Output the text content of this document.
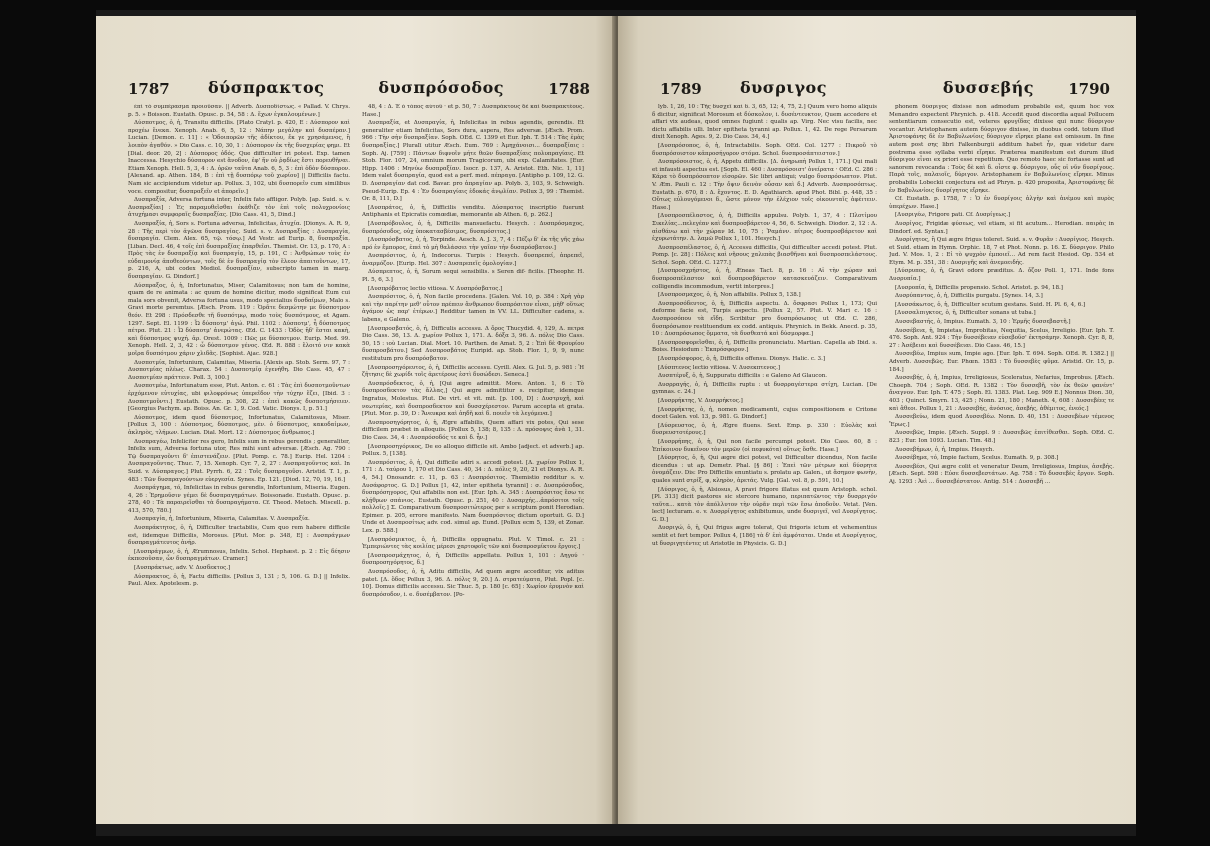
1787 δύσπρακτος	δυσπρόσοδος	1788

ἐπὶ τὸ συμπέρασμα προιοῦσαν. || Adverb. Δυσποδίστως. « Pallad. V. Chrys. p. 5. » Boisson. Eustath. Opusc. p. 54, 58 : Δ. ἔχων ἐγκαλουμένων.]

Δύσποτμος, ὁ, ἡ, Transitu difficilis. [Plato Cratyl. p. 420, E : Δύσπορον καὶ προχέω ἔνεκα. Xenoph. Anab. 6, 5, 12 : Νάπην μεγάλην καὶ δυσπέραν.] Lucian. [Demon. c. 11] : « Ὁδοιπορῶν τῆς ἀδίκτου, ἔκ γε χρησάμενος, ἢ λοιπὸν ἀγαθόν. » Dio Cass. c. 10, 30, 1 : Δύσπορον ἐκ τῆς δυσχερίας φημι. Et [Dial. deor. 20, 2] : Δύσπορος ὁδός. Que difficulter iri potest. Exp. tamen Inaccessa. Hesychio δύσπορον est ἄνοδον, ἐφ' ἥν οὐ ῥᾳδίως ἔστι πορευθῆναι. Etiam Xenoph. Hell. 5, 3, 4 : Δ. ὀρῶν ταῦτα Anab. 6, 5, 3 : ἐπὶ ὁδὸν δύσπορον. [Alexand. ap. Athen. 184, B : ἐπὶ τῇ δυσπόρῳ τοῦ χωρίου] || Difficilis factu. Nam sic accipiendum videtur ap. Pollux. 3, 102, ubi δυσπορεῖν cum similibus voce. compositur, δυσπραξεῖν et ἀπορεῖν.]

Δυσπραξία, Adversa fortuna inter, Infelix fato affligor. Polyb. [ap. Suid. s. v. Δυσπραξίαι] : Ἐς παραμυθεῖσθαι ἐκάθιζε τὸν ἐπὶ τοῖς πολυχρονίοις ἀτυχήμασι συμφοραῖς δυσπραξίας. [Dio Cass. 41, 5, Dind.]

Δυσπραξία, ἡ, Sors s. Fortuna adversa, Infelicitas, ἀτυχία. [Dionys. A. R. 9, 28 : Τῆς περὶ τὸν ἀγῶνα δυσπραγίας. Suid. s. v. Δυσπραξίας : Δυσπραγία, δυσπραγία. Clem. Alex. 65, τῷ. τόσῳ.] Ad Vestr. ad Eurip. 8, δυσπραξία. [Liban. Decl. 46, 4 τοῖς ἐπὶ δυσπραξίας ἐπαρθεῖσι. Themist. Or. 13, p. 170, A : Πρὸς τὰς ἐν δυσπραξίᾳ καὶ δυσπραγίᾳ, 15, p. 191, C : Ἀνθρώπων τοὺς ἐν εὐδαιμονίᾳ ἀποθεούντων, τοῖς δὲ ἐν δυσπραγίᾳ τὸν ἔλεον ἀπαιτοῦντων, 17, p. 216, A, ubi codex Mediol. δυσπραξίαν, subscripto tamen in marg. δυσπραγίαν. G. Dindorf.]

Δύσπραξος, ὁ, ἡ, Infortunatus, Miser, Calamitosus; non tam de homine, quam de re animata : ac quum de homine dicitur, modo significat Eum cui mala sors obvenit, Adversa fortuna usus, modo specialius δυσδαίμων, Malo s. Gravi morte peremtus. [Æsch. Prom. 119 : Ὁρᾶτε δεσμώτην με δύσποτμον θεόν. Et 298 : Πρόσδεσθε τῆ δυσπότμῳ, modo τοὺς δυσπότμους, et Agam. 1297. Sept. El. 1199 : Ὦ δύσποτμ' ἀγώ. Phil. 1102 : Δύσποτμ', ἦ δύσποτμος πέτρα. Plut. 21 : Ὦ δύσποτμ' ἀνερώτας. Œd. C. 1433 : Ὀδὸς ἥδ' ἔσται κακὴ, καὶ δύσποτμος ψυχή. ἀρ. Orest. 1009 : Πῶς με δύσποτμον. Eurip. Med. 99. Xenoph. Hell. 2, 3, 42 : ὦ δύσποτμον γένος. Œd. R. 888 : ἔλοιτό νιν κακὰ μοῖρα δυσπότμου χάριν χλιδᾶς. [Sophist. Ajac. 928.]

Δυσποτμία, Infortunium, Calamitas, Miseria. [Alexis ap. Stob. Serm. 97, 7 : Δυσποτμίας πλέως. Charax. 54 : Δυσποτμίᾳ ἐγενήθη. Dio Cass. 45, 47 : Δυσποτμίαν πράττειν. Poll. 3, 100.]

Δυσποτμέω, Infortunatum esse, Plut. Anton. c. 61 : Τὰς ἐπὶ δυσποτμοῦντων ἐρχόμενον εὐτυχίας, ubi φιλοφρόνως ὑπερεῖδον τὴν τύχην ἔζει, [Ibid. 3 : Δυσποτμοῦντι.] Eustath. Opusc. p. 308, 22 : ἐπεὶ κακῶς δυσποτμήσειεν. [Georgius Pachym. ap. Boiss. An. Gr. 1, 9. Cod. Vatic. Dionys. I, p. 51.]

Δύσποτμος, idem quod δύσποτμος, Infortunatus, Calamitosus, Miser. [Pollux 3, 100 : Δύσποτμος, δύσποτμος, μὲν. ὁ δύσποτμος, κακοδαίμων, ἀκληρὸς, τλήμων. Lucian. Dial. Mort. 12 : Δύσποτμος ἄνθρωπος.]

Δυσπραγέω, Infeliciter res gero, Infelix sum in rebus gerendis ; generaliter, Infelix sum, Adversa fortuna utor, Res mihi sunt adversæ. [Æsch. Ag. 790 : Τῷ δυσπραγοῦντι δ' ἐπιστενάζειν. [Plut. Pomp. c. 78.] Eurip. Hel. 1204 : Δυσπραγοῦντας. Thuc. 7, 15. Xenoph. Cyr. 7, 2, 27 : Δυσπραγοῦντος καὶ. In Suid. v. Δύσπραγος.] Plut. Pyrrh. 6, 22 : Τοῖς δυσπραγοῦσι. Aristid. T. 1, p. 483 : Τῶν δυσπραγούντων εὐεργεσία. Synes. Ep. 121. [Diod. 12, 70, 19, 16.]

Δυσπράγημα, τό, Infelicitas in rebus gerendis, Infortunium, Miseria. Eugen. 4, 26 : Ἐρημοῦσιν γέμει δὲ δυσπραγημάτων. Boissonade. Eustath. Opusc. p. 278, 40 : Τὰ παραιρεῖσθαι τὰ δυσπραγήματα. Cf. Theod. Metoch. Miscell. p. 413, 570, 780.]

Δυσπραγία, ἡ, Infortunium, Miseria, Calamitas. V. Δυσπραξία.

Δυσπράκτητος, ὁ, ἡ, Difficulter tractabilis, Cum quo rem habere difficile est, iidemque Difficilis, Morosus. [Plut. Mor. p. 348, E] : Δυσπράγμων δυσπραγμάτευτος ἀνήρ.

[Δυσπράγμων, ὁ, ἡ, Ærumnosus, Infelix. Schol. Hephæst. p. 2 : Εἰς δέησιν ἐκπεσοῦσαν, ὧν δυσπραγμάτων. Cramer.]

[Δυσπράκτως, adv. V. Δυσδεκτος.]

Δύσπρακτος, ὁ, ἡ, Factu difficilis. [Pollux 3, 131 ; 5, 106. G. D.] || Infelix. Paul. Alex. Apotelesm. p.

48, 4 : Δ. Ἑ ὁ τόπος αὐτοῦ · et p. 50, 7 : Δυσπράκτους δὲ καὶ δυσπρακτέους. Hase.]

Δυσπραξία, et Δυσπραγία, ἡ, Infelicitas in rebus agendis, gerendis. Et generaliter etiam Infelicitas, Sors dura, aspera, Res adversæ. [Æsch. Prom. 966 : Τὴν σὴν δυσπραξίαν. Soph. OEd. C. 1399 et Eur. Iph. T. 514 : Τὰς ἐμὰς δυσπραξίας.] Pluralī utitur Æsch. Eum. 769 : Ἀμηχάνοισι... δυσπραξίαις : Soph. Aj. [759] : Πάντων διφνοῖν μήτε θεῶν δυσπραξίαις πολυπραγίαις. Et Stob. Flor. 107, 24, omnium morum Tragicorum, ubi exp. Calamitates. [Eur. Hipp. 1406 : Μηνύω δυσπραξίαν. Isocr. p. 137, A. Aristot. Eth. Nic. 1, 11] Idem valet δυσπραγία, quod est a perf. med. πέπραγα. [Antipho p. 109, 12. G. D. Δυσπραγίαν dat cod. Bavar. pro ἀπραγίαν ap. Polyb. 3, 103, 9. Schweigh. Pseud-Eurip. Ep. 4 : Ἐν δυσπραγίαις ἐδοκάς ἀνῳλίαν. Pollux 3, 99 : Themist. Or. 8, 111, D.]

[Δυσπράτος, ὁ, ἡ, Difficilis venditu. Δύσπρατος inscriptio fuerunt Antiphanis et Epicratis comœdiæ, memorante ab Athen. 6, p. 262.]

[Δυσπρόβουλος, ὁ, ἡ, Difficilis mansuefactu. Hesych. : Δυσπρόσμαχος, δυσπρόσοδος, οὐχ ὑποκατασβέσιμος, δυσπρόσιτος.]

[Δυσπρόσβατος, ὁ, ἡ, Torpinde. Aesch. A. J. 3, 7, 4 : Πέζῳ δ' ἐκ τῆς γῆς χάω πρό ἑν ἔμπορος, ἐπεὶ τὸ μὴ θαλάσσει τὴν γαῖαν τὴν δυσπρόσβατον.]

Δυσπρόσιτος, ὁ, ἡ, Indecorus. Turpis : Hesych. δυσπρεπεί, ἀπρεπεῖ, ἀναρμόζον. [Eurip. Hel. 307 : Δυσπρεπεῖς ὁμολογίαν.]

Δύσπρεπτος, ὁ, ἡ, Sorum sequi sensibilis. s Seren dif- ficilis. [Theophr. H. Pl. 5, 6, 3.]

[Δυσπρόβατος lectio vitiosa. V. Δυσπρόσβατος.]

Δυσπρόσιτος, ὁ, ἡ, Non facile procedens. [Galen. Vol. 10, p. 384 : Χρὴ γὰρ καὶ τὴν παρίτην μεθ' οὗτον πρέπειν ἄνθρωπον δυσπρόσιτον εἶναι, μὴθ' οὕτως ἀγάμον ὡς παρ' ἐτέρων.] Redditur tamen in VV. LL. Difficulter cadens, s. labens, e Galeno.

[Δυσπροσβατός, ὁ, ἡ, Difficulis accessu. Δ ὅρος Thucydid. 4, 129, Δ. πετρα Dio Cass. 36, 13. Δ. χωρίον Pollux 1, 171. Δ. δόξα 3, 96. Δ. πόλις Dio Cass. 50, 15 : ιοὺ Lucian. Dial. Mort. 10. Parthen. de Amat. 5, 2 : Ἐπὶ δὲ Φρουρίου δυσπροσβάτου.] Sed Δυσπροσβάτος Euripid. ap. Stob. Flor. 1, 9, 9, nunc restitutum pro δυσπρόσβατον.

[Δυσπροσηγόρευτος, ὁ, ἡ, Difficilis accessu. Cyrill. Alex. G. Jul. 5, p. 981 : Ἡ ζῆτησις δὲ χωρίδι τοῖς ἀρετέρους ἐστὶ δυσώδεσι. Seneca.]

Δυσπρόσδεκτος, ὁ, ἡ, [Qui ægre admittit. More. Anton. 1, 6 : Τὸ δυσπροσδεκτον τὰς ἄλλας,] Qui ægre admittitur s. recipitur, idemque Ingratus, Molestus. Plut. De virt. et vit. mit. [p. 100, D] : Δυστρυχῆ, καὶ νεωτερίας, καὶ δυσπροσδεκτον καὶ δυσσχέρεστον. Parum accepta et grata. [Plut. Mor. p. 39, D : Ἄνευκρα καὶ ἀηδῆ καὶ δ. ποιεῖν τὰ λεγόμενα.]

Δυσπροσηγόρητος, ὁ, ἡ, Ægre affabilis, Quem affari vix potes, Qui sese difficilem præbet in alloquiis. [Pollux 5, 138; 8, 135 : Δ. πρόσοψις ἀνὰ 1, 31. Dio Cass. 34, 4 : Δυσπρόσοδός τε καὶ δ. ἦν.]

[Δυσπροσηγόρικος, De eo alloquo difficile sit. Ambo [adject. et adverb.] ap. Pollux. 5, [138].

Δυσπρόσιτος, ὁ, ἡ, Qui difficile adiri s. accedi potest. [Δ. χωρίον Pollux 1, 171 : Δ. ταύρου 1, 170 et Dio Cass. 40, 34 : Δ. πόλις 9, 20, 21 et Dionys. A. R. 4, 54.] Onosandr. c. 11, p. 63 : Δυσπρόσιτος. Themistio redditur s. v. Δυσάφορτος. G. D.] Pollux [1, 42, inter epitheta tyranni] : σ. Δυσπρόσοδος, δυσπρόσηγορος, Qui affabilis non est. [Eur. Iph. A. 345 : Δυσπρόσιτος ἔσω τε κλῄθρων σπάνιος. Eustath. Opusc. p. 251, 40 : Δυσαρχής...ἀπρόσιτοι τοῖς πολλοῖς.] Σ. Comparativum δυσπροσιτώτερος per s scriptum ponit Herodian. Epimer. p. 205, errore manifesto. Nam δυσπρόσιτος dictum oportuit. G. D.] Unde et Δυσπροσίτως adv. cod. simul ap. Eund. [Pollux ecm 5, 139, et Zonar. Lex. p. 588.]

[Δυσπρόσμικτος, ὁ, ἡ, Difficilis oppugnatu. Plut. V. Timol. c. 21 : Ἐμπεριώντες τὰς κοιλίας μέρεσι χαρτοφοῖς τῶν καὶ δυσπροσμίκτου ἔργοις.]

[Δυσπροσμάχητος, ὁ, ἡ, Difficilis appellatu. Pollux 1, 101 : Δηγού · δυσπροσηγόρητος, δ.]

Δυσπρόσοδος, ὁ, ἡ, Aditu difficilis, Ad quem ægre acceditur, vix aditus patet. [Δ. ὅδος Pollux 3, 96. Δ. πόλις 9, 20.] Δ. στρατεύματα, Plut. Popl. [c. 10]. Domus difficilis accessu. Sic Thuc. 5, p. 180 [c. 65] : Χωρίον ἐρυμνὸν καὶ δυσπρόσοδον, i. e. δυσέμβατον. [Po-

1789 δυσριγος	δυσσεβής 1790

lyb. 1, 26, 10 : Τῆς δυσχεῖ καὶ δ. 3, 65, 12; 4, 75, 2.] Quum vero homo aliquis δ dicitur, significat Morosum et δύσκολον, i. δυσέντευκτον, Quem accedere et affari vix audeas, quod omnes fugiunt : qualis ap. Virg. Nec visu facilis, nec dictu affabilis ulli. Inter epitheta tyranni ap. Pollux. 1, 42. De rege Persarum dixit Xenoph. Ages. 9, 2. Dio Cass. 34, 4.]

[Δυσπρόσοπος, ὁ, ἡ, Intractabilis. Soph. OEd. Col. 1277 : Πικροῦ τὸ δυσπρόσοιστον κἀπροσήγορον στόμα. Schol. δυσπροσάπτειστον.]

Δυσπρόσοιστος, ὁ, ἡ, Appetu difficilis. [Δ. ἀνηρωπὴ Pollux 1, 171.] Qui mali et infausti aspectus est. [Soph. El. 460 : Δυσπρόσοιστ' ὀνείρατα · OEd. C. 286 : Κάρα τὸ δυσπρόσοπτον εἰσορῶν. Sic libri antiqui; vulgo δυσπρόσωπτον. Plut. V. Æm. Pauli c. 12 : Τὴν ὄψιν δεινὸν οὖσαν καὶ δ.] Adverb. Δυσπροσόπτως. Eustath. p. 670, 8 : Δ. ἔχοντος. E. D. Agathiarch. apud Phot. Bibl. p. 448, 35 : Οὔτως εὐλουγόμενοι δ., ὥστε μόνον τὴν ἐλέχιον τοῖς οἰκουνταῖς ἀφέιτειν. Hase.]

[Δυσπροσπέλαστος, ὁ, ἡ, Difficilis appulsu. Polyb. 1, 37, 4 : Πλοτίμου Σικελίας...πελεγέαν καὶ δυσπροσβάρετον 4, 56, 6. Schweigh. Diodor. 2, 12 : Δ. αἰσθάνω καὶ τὴν χώραν Id. 10, 75 ; Ῥαμάνν. πίτρος δυσπροσβάρετον καὶ ἐχυρωτάτην. Δ. λαμῶ Pollux 1, 101. Hesych.]

Δυσπροσπέλαστος, ὁ, ἡ, Accessu difficilis, Qui difficulter accedi potest. Plut. Pomp. [c. 28] : Πόλεις καὶ νῆσους χαλεπὰς βιασθῆναι καὶ δυσπροσπελάστους. Schol. Soph. OEd. C. 1277.]

[Δυσπροσχρήστος, ὁ, ἡ, Æneas Tact. 8, p. 16 : Αἱ τὴν χώραν καὶ δυσπροσπέλαστον καὶ δυσπροσβάρετον κατασκευάζειν. Comparativum colligendis incommodum, vertit interpres.]

[Δυσπροσμαχος, ὁ, ἡ, Non affabilis. Pollux 5, 138.]

Δυσπροσόδευτος, ὁ, ἡ, Difficilis aspectu. Δ. ὅσφρασι Pollux 1, 173; Qui deforme facie est, Turpis aspectu. [Pollux 2, 57. Plut. V. Mari c. 16 : Δυσπροσόπου τὰ εἴδη. Scribitur pro δυσπρόσωπος ut Œd. C. 286, δυσπρόσωπον restituendum ex codd. antiquis. Phrynich. in Bekk. Anecd. p. 35, 10 : Δυσπρόσωπος ὄμματα, τὰ δυσθεατά καὶ δύσμορφα.]

[Δυσπροσφορεῖσθαι, ὁ, ἡ, Difficilis pronunciatu. Martian. Capella ab Ibid. s. Boiss. Hesiodum : Ἐκπρόσφορον.]

[Δυσπρόσφορος, ὁ, ἡ, Difficilis offensu. Dionys. Halic. c. 3.]

[Δύσπτενος lectio vitiosa. V. Δυσεκπτενος.]

Δυσπτέρυξ, ὁ, ἡ, Suppuratu difficilis : e Galeno Ad Glaucon.

Δυσρραγής, ὁ, ἡ, Difficilis ruptu : ut δυσρραγέστερα στίχη, Lucian. [De gymnas. c. 24.]

[Δυσρρήκτης, V. Δυσρρήκτος.]

[Δυσρρήκτης, ὁ, ἡ, nomen medicamenti, cujus compositionem e Critone docet Galen. vol. 13, p. 981. G. Dindorf.]

[Δύσρευστος, ὁ, ἡ, Ægre fluens. Sext. Emp. p. 330 : Εὐολὰς καὶ δυσρευστοτέρους.]

[Δυσρρήπης, ὁ, ἡ, Qui non facile percumpi potest. Dio Cass. 60, 8 : Ἐπίκοινον δυκεῖνον τὸν μερῶν (οἱ πεφυκότα) οὕτως ὅσθε. Hase.]

[Δύσρητος, ὁ, ἡ, Qui ægre dici potest, vel Difficulter dicendus, Non facile dicendus : ut ap. Demetr. Phal. [§ 86] : Ἐπεὶ τῶν μέτρων καὶ δύσρητα ὀνομάζειν. Dis: Pro Difficilis enuntiatu s. prolatu ap. Galen., ut ἄσημον φωνὴν, quales sunt στρίξ, φ, κληρὸν, ἀρετάς. Vulg. [Gal. vol. 8, p. 591, 10.]

[Δύσριγος, ὁ, ἡ, Alsiosus, A pravi frigore illatus est quum Aristoph. schol. [Pl. 313] dicit pastores sic stercore humano, περιπατῶντος τὴν δυσρριγόν ταῦτα... κατὰ τὸν ἀπόλλυτον τὴν οὐρᾶν περὶ τῶν ἔσω ἀποδοῦν. Vetat. [Ven. lect] lecturam. e. v. Δυσρρίγητος exhibitumus, unde δυσριγεῖ, vel Δυσρίγητος. G. D.]

Δυσριγώ, ὁ, ἡ, Qui frigus ægre tolerat, Qui frigoris ictum et vehementius sentit et fert tempor. Pollux 4, [186] τὰ δ' ἐπὶ ἀμφόταται. Unde et Δυσρίγητος, ut δυσριγητέντες ut Aristotle in Physicis. G. D.]

phonem δύσριγος dixisse non admodum probabile est, quum hoc vox Menandro expectent Phrynich. p. 418. Accedit quod discordia aqual Pollucem sententiarum consecutio est, veteres φρυγίδας dixisse qui nunc δύσριγον vocantur. Aristophanem autem δύσριγον dixisse, in duobus codd. totum illud Ἀριστοφάνης δὲ ἐν Βαβυλωνίοις δύσριγον εἴρηκε plane est omissum. In fine autem post σης libri Falkenburgii additum habet ἦν, quæ videtur dare postrema esse syllaba verbi εἴρηκε. Præterea manifestum est durum illud δύσριγον εἶναι ex priori esse repetitum. Quo remoto haec sic fortasse sunt ad sanorem revocanda : Τοὺς δὲ καὶ δ. οἶστε φ. δύσριγον, οὖς οἱ νῦν δυσρίγους. Παρὰ τοῖς, παλαιοῖς, δύριγον. Aristophanem ἐν Βαβυλωνίοις εἴρηκε. Minus probabilis Lobeckii conjectura est ad Phryn. p. 420 proposita, Ἀριστοφάνης δὲ ἐν Βαβυλωνίοις δυσρίγητος εἴρηκε.

Cf. Eustath. p. 1758, 7 : Ὁ ἐν δυσρίγοις ἀλγὴν καὶ ἀνέμου καὶ πυρὸς ὑπερέχων. Hase.]

[Δυσριγέω, Frigore pati. Cf. Δυσρίγεως.]

Δυσρίγος, Frigidæ φύσεως, vel etiam, si fit acutum... Herodian. παιρὰς in Dindorf. ed. Syntax.]

Δυσρίγητος, ἢ Qui ægre frigus toleret. Suid. s. v. Φυρᾶν : Δυσρίγιος. Hesych. et Suid. etiam in Hymn. Orphic. 18, 7 et Phot. Nonn. p. 16. Σ. δύσριγον. Philo Jud. V. Mos. 1, 2 : Εἰ τὸ ψυχρὸν ἐμποιεῖ... Ad rem facit Hesiod. Op. 534 et Etym. M. p. 351, 38 : Δυσριγῆς καὶ ἀνεμοειδής.

[Δύσρυπος, ὁ, ἡ, Gravi odore præditus. Δ. ὄζον Poll. 1, 171. Inde fons Δυσρυπία.]

[Δυσροπία, ἡ, Difficilis propensio. Schol. Aristot. p. 94, 18.]

Δυσρύπαντος, ὁ, ἡ, Difficilis purgatu. [Synes. 14, 3.]

[Δυσσάκωτος, ὁ, ἡ, Difficulter scutum gestans. Suid. H. Pl. 6, 4, 6.]

[Δυσσαλπιγκτος, ὁ, ἡ, Difficulter sonans ut tuba.]

Δυσσεβαστής, ὁ, Impius. Eumath. 3, 10 : Ἑρμῆς δυσσεβαστῆ.]

Δυσσέβεια, ἡ, Impietas, Improbitas, Nequitia, Scelus, Irreligio. [Eur. Iph. T. 476. Soph. Ant. 924 : Τὴν δυσσέβειαν εὐσεβοῦσ' ἐκτησάμην. Xenoph. Cyr. 8, 8, 27 : Ἀσέβειαι καὶ δυσσέβειαι. Dio Cass. 46, 15.]

Δυσσεβέω, Impius sum, Impie ago. [Eur. Iph. T. 694. Soph. OEd. R. 1382.] || Adverb. Δυσσεβῶς. Eur. Phœn. 1583 : Τὸ δυσσεβὲς φῦμα. Aristid. Or. 15, p. 184.]

Δυσσεβής, ὁ, ἡ, Impius, Irreligiosus, Sceleratus, Nefarius, Improbus. [Æsch. Choeph. 704 ; Soph. OEd. R. 1382 : Τὸν δυσσεβῆ, τὸν ἐκ θεῶν φανέντ' ἄναγνον. Eur. Iph. T. 475 ; Soph. El. 1383. Plat. Leg. 909 E.] Nonnus Dion. 30, 403 ; Quinct. Smyrn. 13, 425 ; Nonn. 21, 180 ; Maneth. 4, 608 : Δυσσεβέες τε καὶ ἄθεοι. Pollux 1, 21 : Δυσσεβής, ἀνόσιος, ἀσεβής, ἀθέμιτος, ἐνεός.]

Δυσσεβεύω, idem quod Δυσσεβέω. Nonn. D. 40, 151 : Δυσσεβέων τέμενος Ἔρως.]

Δυσσεβῶς, Impie. [Æsch. Suppl. 9 : Δυσσεβῶς ἐπιτίθεσθαι. Soph. OEd. C. 823 ; Eur. Ion 1093. Lucian. Tim. 48.]

Δυσσεβήμων, ὁ, ἡ, Impius. Hesych.

Δυσσέβημα, τό, Impie factum, Scelus. Eumath. 9, p. 308.]

Δυσσεβέσι, Qui ægre colit et veneratur Deum, Irreligiosus, Impius, ἀσεβής. [Æsch. Sept. 598 : Εὐσε δυσσεβεστάτων. Ag. 758 : Τὸ δυσσεβὲς ἔργον. Soph. Aj. 1293 : Ἀεὶ ... δυσσεβέστατον. Antig. 514 : Δυσσεβῆ ...
